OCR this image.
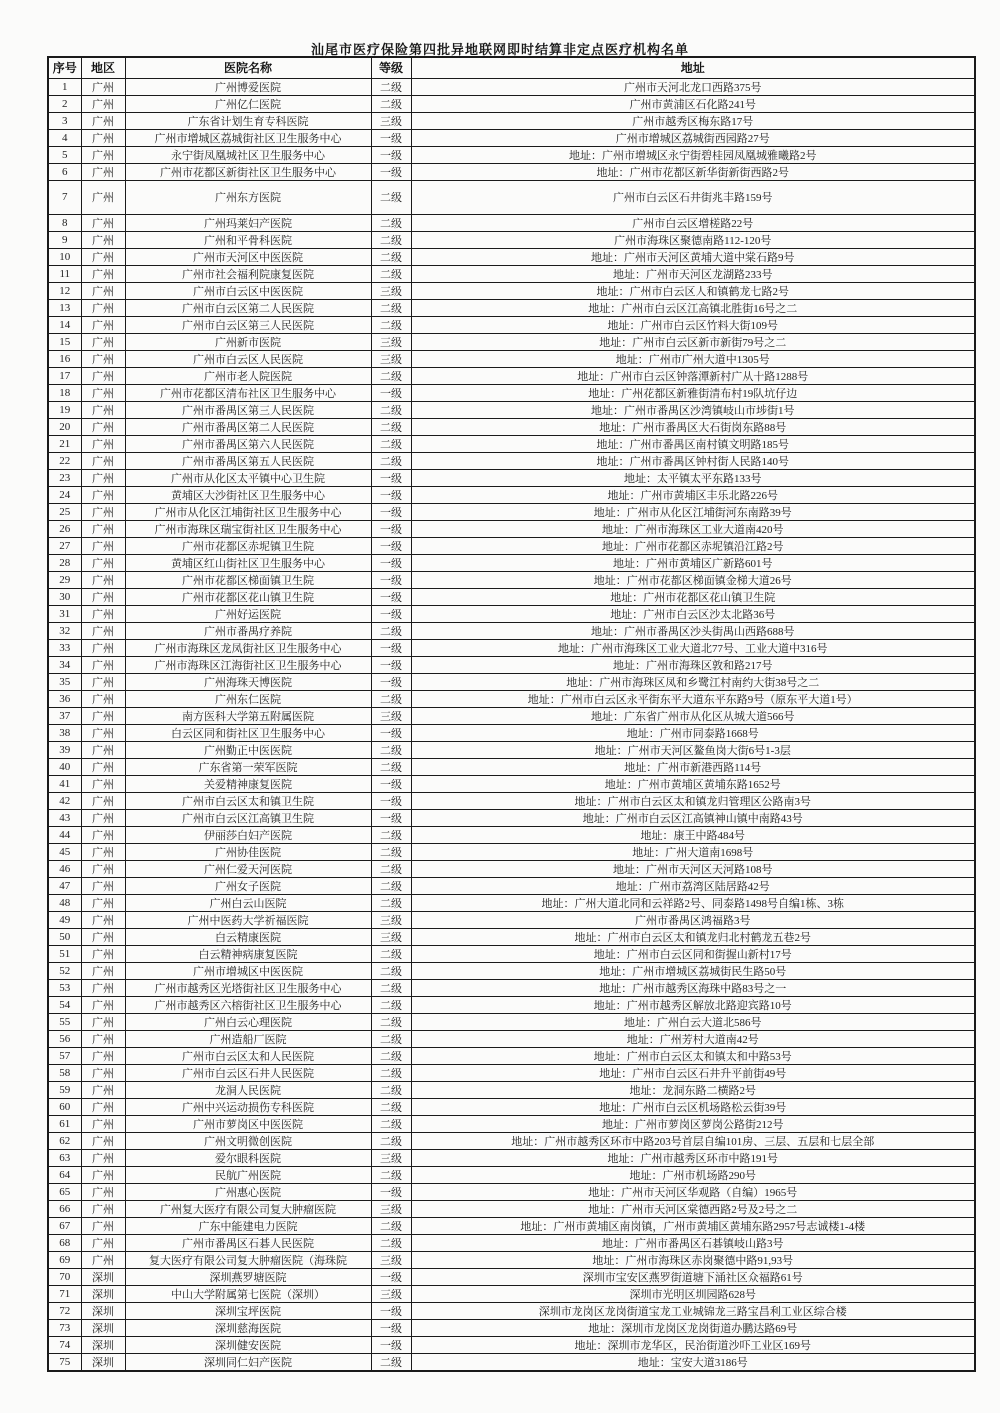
汕尾市医疗保险第四批异地联网即时结算非定点医疗机构名单
序号	地区	医院名称	等级	地址
1	广州	广州博爱医院	二级	广州市天河北龙口西路375号
2	广州	广州亿仁医院	二级	广州市黄浦区石化路241号
3	广州	广东省计划生育专科医院	三级	广州市越秀区梅东路17号
4	广州	广州市增城区荔城街社区卫生服务中心	一级	广州市增城区荔城街西园路27号
5	广州	永宁街凤凰城社区卫生服务中心	一级	地址：广州市增城区永宁街碧桂园凤凰城雅曦路2号
6	广州	广州市花都区新街社区卫生服务中心	一级	地址：广州市花都区新华街新街西路2号
7	广州	广州东方医院	二级	广州市白云区石井街兆丰路159号
8	广州	广州玛莱妇产医院	二级	广州市白云区增槎路22号
9	广州	广州和平骨科医院	二级	广州市海珠区聚德南路112-120号
10	广州	广州市天河区中医医院	二级	地址：广州市天河区黄埔大道中棠石路9号
11	广州	广州市社会福利院康复医院	二级	地址：广州市天河区龙湖路233号
12	广州	广州市白云区中医医院	三级	地址：广州市白云区人和镇鹤龙七路2号
13	广州	广州市白云区第二人民医院	二级	地址：广州市白云区江高镇北胜街16号之二
14	广州	广州市白云区第三人民医院	二级	地址：广州市白云区竹料大街109号
15	广州	广州新市医院	三级	地址：广州市白云区新市新街79号之二
16	广州	广州市白云区人民医院	三级	地址：广州市广州大道中1305号
17	广州	广州市老人院医院	二级	地址：广州市白云区钟落潭新村广从十路1288号
18	广州	广州市花都区清布社区卫生服务中心	一级	地址：广州花都区新雅街清布村19队坑仔边
19	广州	广州市番禺区第三人民医院	二级	地址：广州市番禺区沙湾镇岐山市埗街1号
20	广州	广州市番禺区第二人民医院	二级	地址：广州市番禺区大石街岗东路88号
21	广州	广州市番禺区第六人民医院	二级	地址：广州市番禺区南村镇文明路185号
22	广州	广州市番禺区第五人民医院	二级	地址：广州市番禺区钟村街人民路140号
23	广州	广州市从化区太平镇中心卫生院	一级	地址：太平镇太平东路133号
24	广州	黄埔区大沙街社区卫生服务中心	一级	地址：广州市黄埔区丰乐北路226号
25	广州	广州市从化区江埔街社区卫生服务中心	一级	地址：广州市从化区江埔街河东南路39号
26	广州	广州市海珠区瑞宝街社区卫生服务中心	一级	地址：广州市海珠区工业大道南420号
27	广州	广州市花都区赤坭镇卫生院	一级	地址：广州市花都区赤坭镇沿江路2号
28	广州	黄埔区红山街社区卫生服务中心	一级	地址：广州市黄埔区广新路601号
29	广州	广州市花都区梯面镇卫生院	一级	地址：广州市花都区梯面镇金梯大道26号
30	广州	广州市花都区花山镇卫生院	一级	地址：广州市花都区花山镇卫生院
31	广州	广州好运医院	一级	地址：广州市白云区沙太北路36号
32	广州	广州市番禺疗养院	二级	地址：广州市番禺区沙头街禺山西路688号
33	广州	广州市海珠区龙凤街社区卫生服务中心	一级	地址：广州市海珠区工业大道北77号、工业大道中316号
34	广州	广州市海珠区江海街社区卫生服务中心	一级	地址：广州市海珠区敦和路217号
35	广州	广州海珠天博医院	一级	地址：广州市海珠区凤和乡鹭江村南约大街38号之二
36	广州	广州东仁医院	二级	地址：广州市白云区永平街东平大道东平东路9号（原东平大道1号）
37	广州	南方医科大学第五附属医院	三级	地址：广东省广州市从化区从城大道566号
38	广州	白云区同和街社区卫生服务中心	一级	地址：广州市同泰路1668号
39	广州	广州勤正中医医院	二级	地址：广州市天河区鳌鱼岗大街6号1-3层
40	广州	广东省第一荣军医院	二级	地址：广州市新港西路114号
41	广州	关爱精神康复医院	一级	地址：广州市黄埔区黄埔东路1652号
42	广州	广州市白云区太和镇卫生院	一级	地址：广州市白云区太和镇龙归管理区公路南3号
43	广州	广州市白云区江高镇卫生院	一级	地址：广州市白云区江高镇神山镇中南路43号
44	广州	伊丽莎白妇产医院	二级	地址：康王中路484号
45	广州	广州协佳医院	二级	地址：广州大道南1698号
46	广州	广州仁爱天河医院	二级	地址：广州市天河区天河路108号
47	广州	广州女子医院	二级	地址：广州市荔湾区陆居路42号
48	广州	广州白云山医院	二级	地址：广州大道北同和云祥路2号、同泰路1498号自编1栋、3栋
49	广州	广州中医药大学祈福医院	三级	广州市番禺区鸿福路3号
50	广州	白云精康医院	三级	地址：广州市白云区太和镇龙归北村鹤龙五巷2号
51	广州	白云精神病康复医院	二级	地址：广州市白云区同和街握山新村17号
52	广州	广州市增城区中医医院	二级	地址：广州市增城区荔城街民生路50号
53	广州	广州市越秀区光塔街社区卫生服务中心	二级	地址：广州市越秀区海珠中路83号之一
54	广州	广州市越秀区六榕街社区卫生服务中心	二级	地址：广州市越秀区解放北路迎宾路10号
55	广州	广州白云心理医院	二级	地址：广州白云大道北586号
56	广州	广州造船厂医院	二级	地址：广州芳村大道南42号
57	广州	广州市白云区太和人民医院	二级	地址：广州市白云区太和镇太和中路53号
58	广州	广州市白云区石井人民医院	二级	地址：广州市白云区石井升平前街49号
59	广州	龙洞人民医院	二级	地址：龙洞东路二横路2号
60	广州	广州中兴运动损伤专科医院	二级	地址：广州市白云区机场路松云街39号
61	广州	广州市萝岗区中医医院	二级	地址：广州市萝岗区萝岗公路街212号
62	广州	广州文明微创医院	二级	地址：广州市越秀区环市中路203号首层自编101房、三层、五层和七层全部
63	广州	爱尔眼科医院	三级	地址：广州市越秀区环市中路191号
64	广州	民航广州医院	二级	地址：广州市机场路290号
65	广州	广州惠心医院	一级	地址：广州市天河区华观路（自编）1965号
66	广州	广州复大医疗有限公司复大肿瘤医院	三级	地址：广州市天河区棠德西路2号及2号之二
67	广州	广东中能建电力医院	二级	地址：广州市黄埔区南岗镇，广州市黄埔区黄埔东路2957号志诚楼1-4楼
68	广州	广州市番禺区石碁人民医院	二级	地址：广州市番禺区石碁镇岐山路3号
69	广州	复大医疗有限公司复大肿瘤医院（海珠院	三级	地址：广州市海珠区赤岗聚德中路91,93号
70	深圳	深圳燕罗塘医院	一级	深圳市宝安区燕罗街道塘下涌社区众福路61号
71	深圳	中山大学附属第七医院（深圳）	三级	深圳市光明区圳园路628号
72	深圳	深圳宝坪医院	一级	深圳市龙岗区龙岗街道宝龙工业城锦龙三路宝昌利工业区综合楼
73	深圳	深圳慈海医院	一级	地址：深圳市龙岗区龙岗街道办鹏达路69号
74	深圳	深圳健安医院	一级	地址：深圳市龙华区，民治街道沙吓工业区169号
75	深圳	深圳同仁妇产医院	二级	地址：宝安大道3186号
